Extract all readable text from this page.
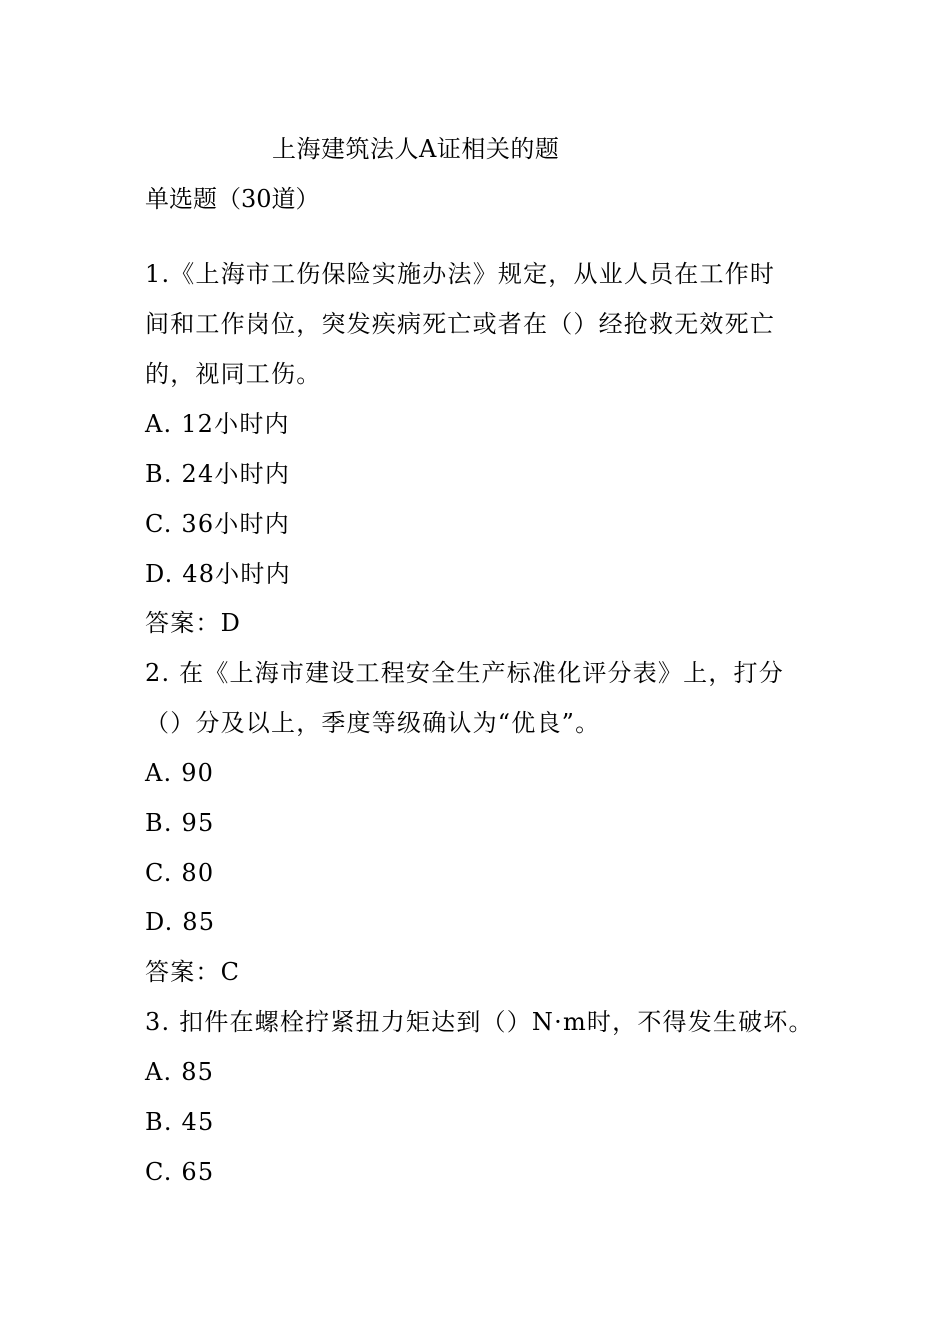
上海建筑法人A证相关的题
单选题（30道）
1.《上海市工伤保险实施办法》规定，从业人员在工作时
间和工作岗位，突发疾病死亡或者在（）经抢救无效死亡
的，视同工伤。
A. 12小时内
B. 24小时内
C. 36小时内
D. 48小时内
答案：D
2. 在《上海市建设工程安全生产标准化评分表》上，打分
（）分及以上，季度等级确认为“优良”。
A. 90
B. 95
C. 80
D. 85
答案：C
3. 扣件在螺栓拧紧扭力矩达到（）N·m时，不得发生破坏。
A. 85
B. 45
C. 65
